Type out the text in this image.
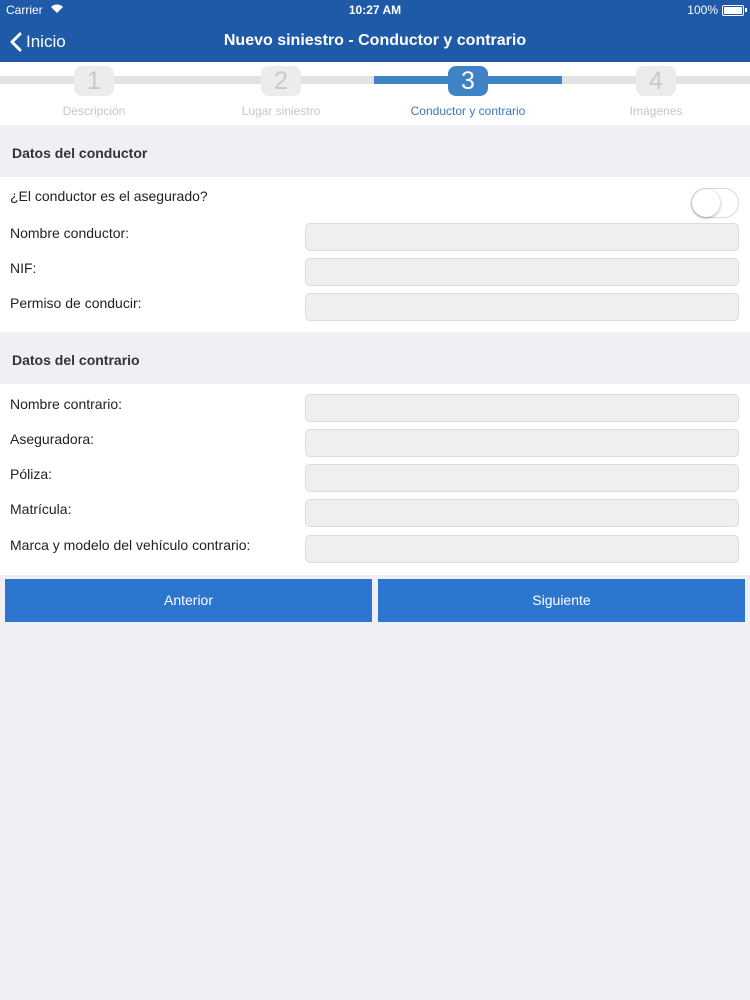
Carrier	10:27 AM	100%
Inicio	Nuevo siniestro - Conductor y contrario
1
Descripción
2
Lugar siniestro
3
Conductor y contrario
4
Imágenes
Datos del conductor
¿El conductor es el asegurado?
Nombre conductor:
NIF:
Permiso de conducir:
Datos del contrario
Nombre contrario:
Aseguradora:
Póliza:
Matrícula:
Marca y modelo del vehículo contrario:
Anterior	Siguiente
